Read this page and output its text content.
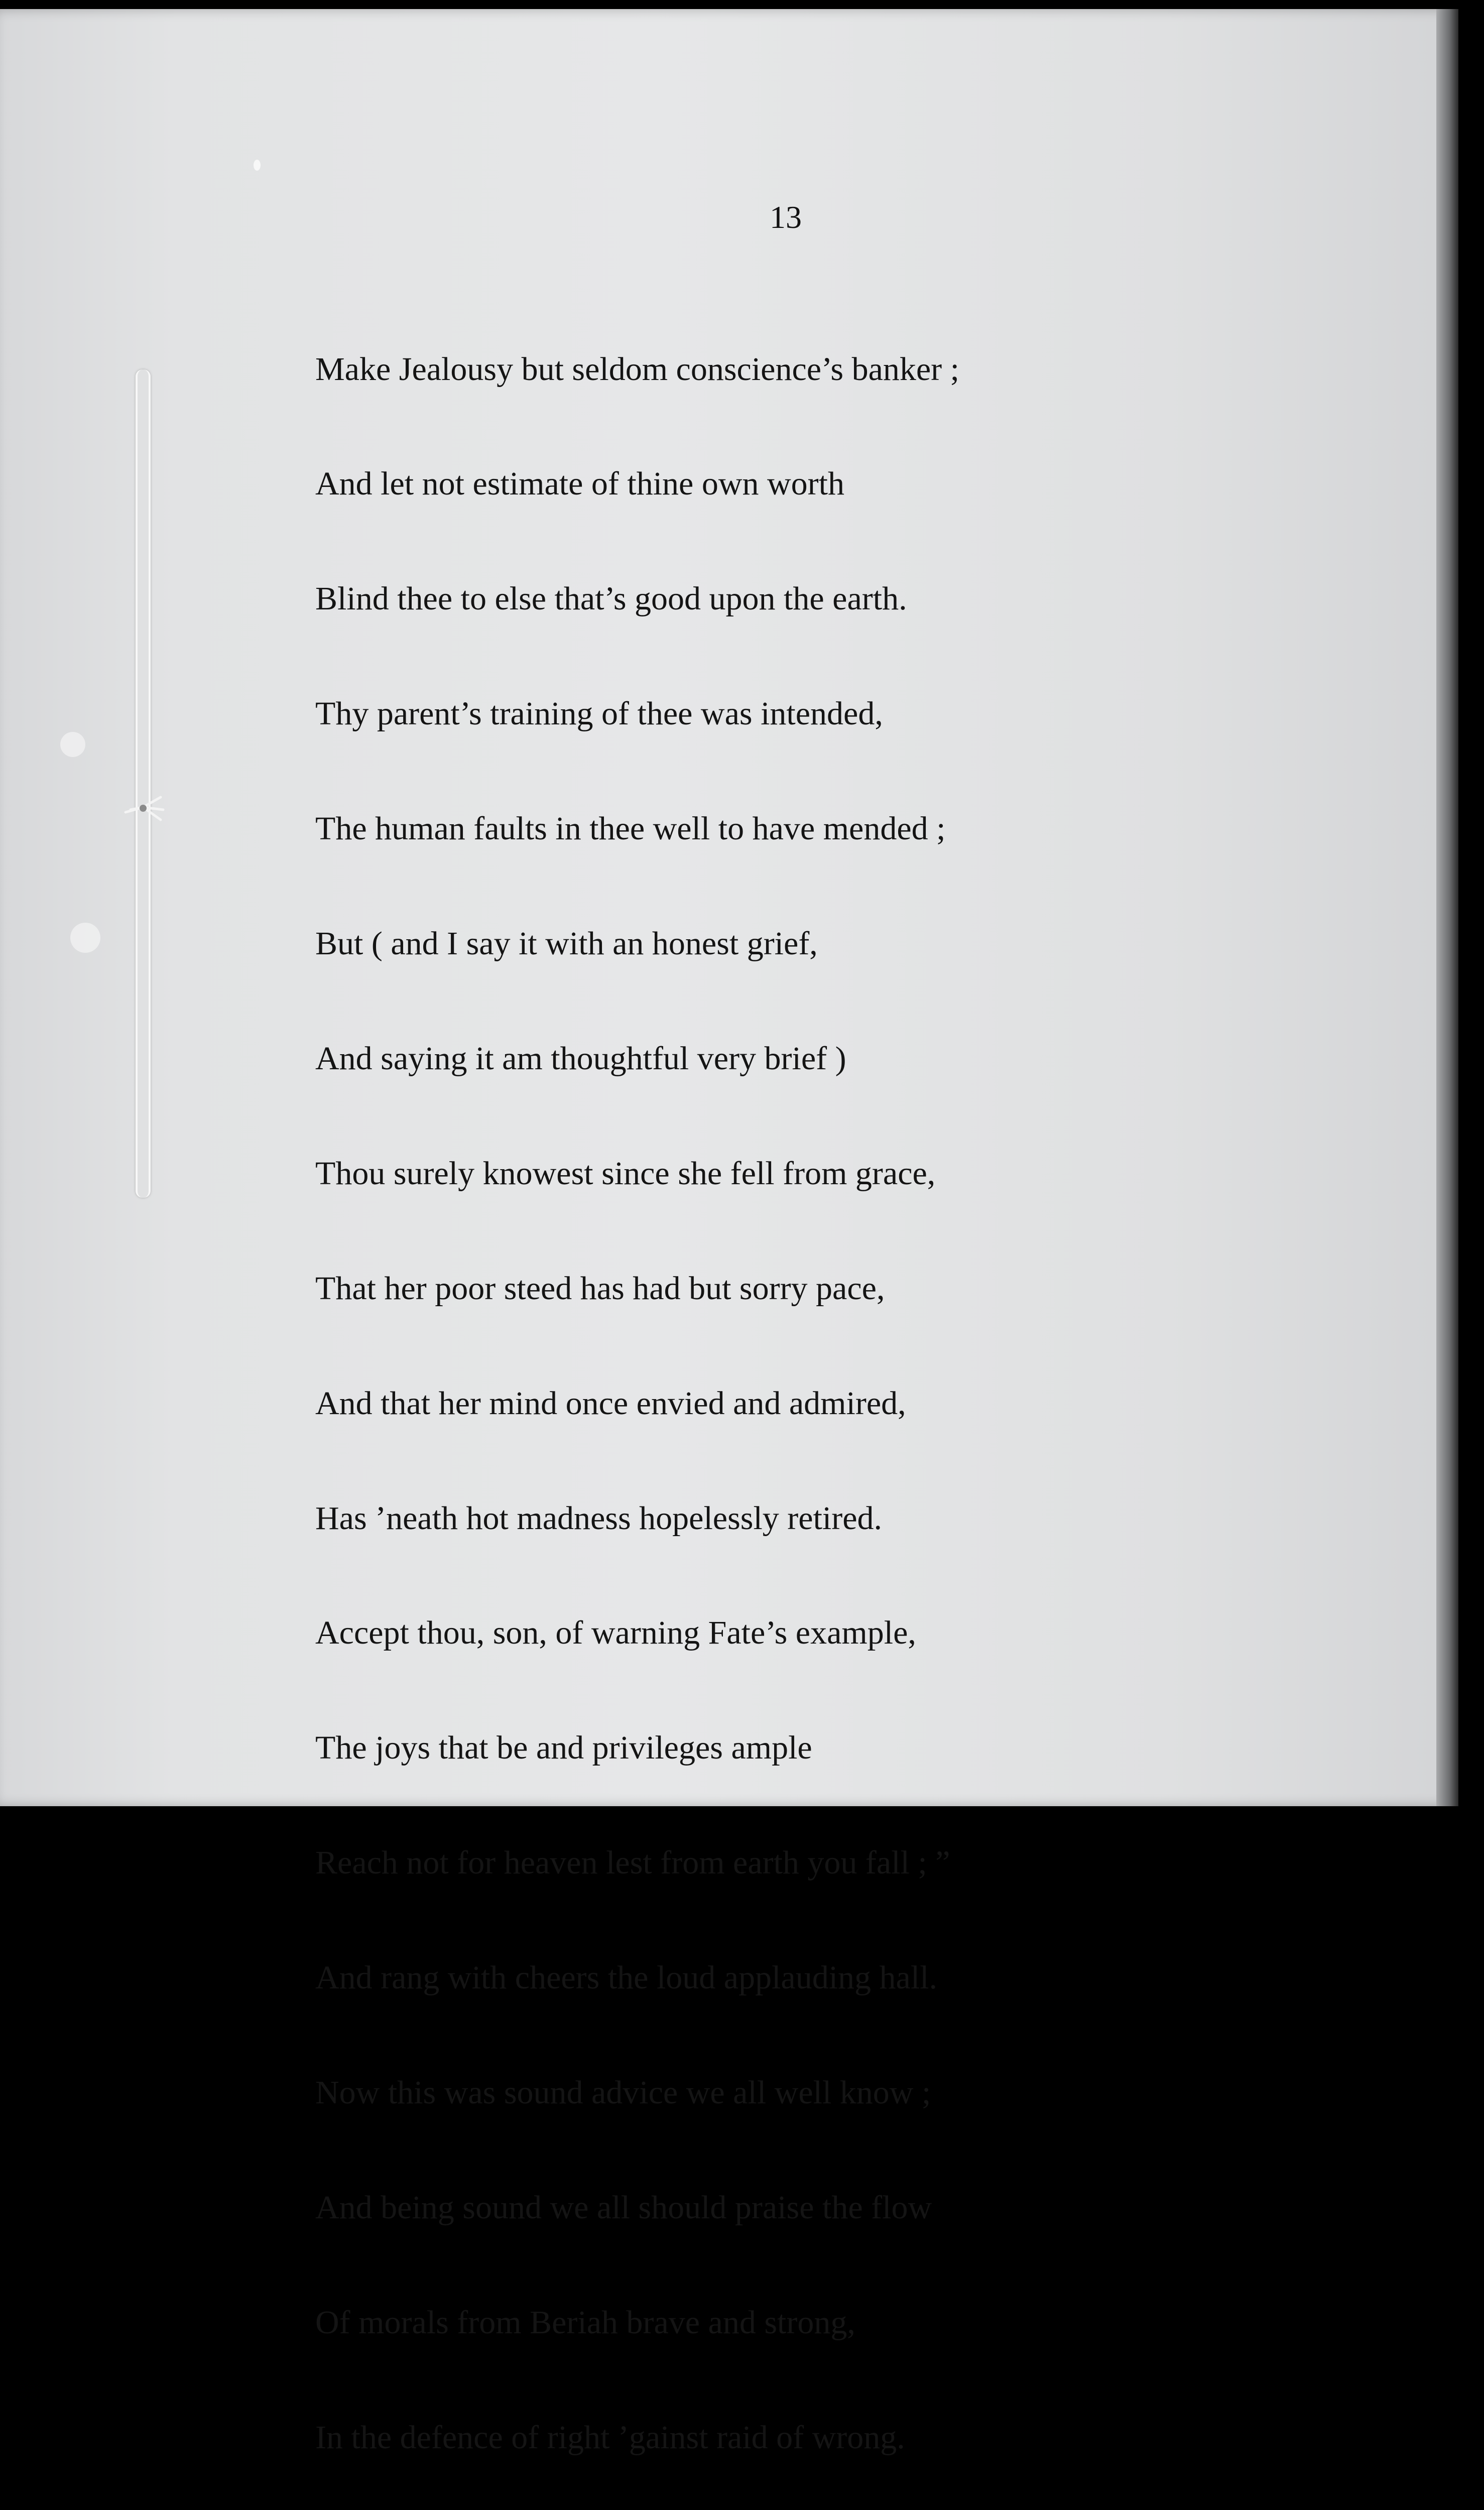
13

Make Jealousy but seldom conscience’s banker ;

And let not estimate of thine own worth

Blind thee to else that’s good upon the earth.

Thy parent’s training of thee was intended,

The human faults in thee well to have mended ;

But ( and I say it with an honest grief,

And saying it am thoughtful very brief )

Thou surely knowest since she fell from grace,

That her poor steed has had but sorry pace,

And that her mind once envied and admired,

Has ’neath hot madness hopelessly retired.

Accept thou, son, of warning Fate’s example,

The joys that be and privileges ample

Reach not for heaven lest from earth you fall ; ”

And rang with cheers the loud applauding hall.

Now this was sound advice we all well know ;

And being sound we all should praise the flow

Of morals from Beriah brave and strong,

In the defence of right ’gainst raid of wrong.
